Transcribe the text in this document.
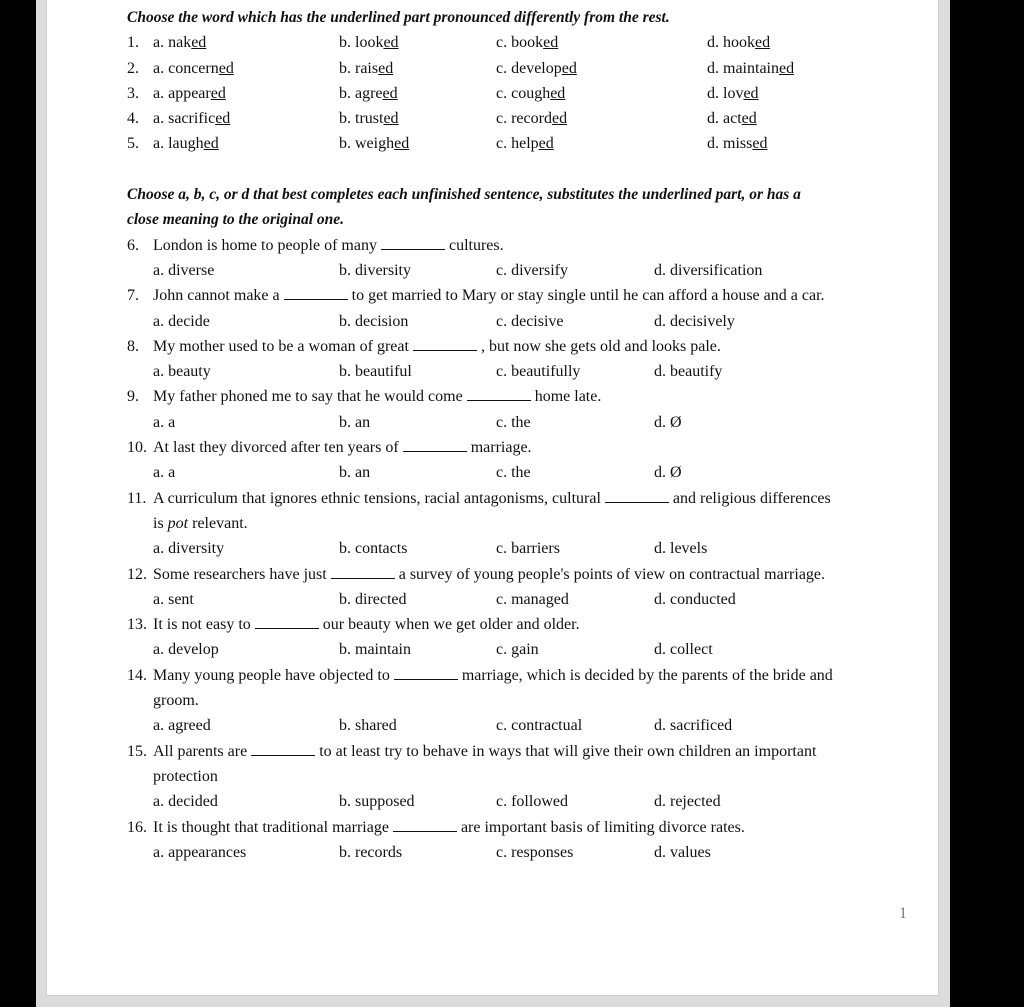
Choose the word which has the underlined part pronounced differently from the rest.
1. a. naked	b. looked	c. booked	d. hooked
2. a. concerned	b. raised	c. developed	d. maintained
3. a. appeared	b. agreed	c. coughed	d. loved
4. a. sacrificed	b. trusted	c. recorded	d. acted
5. a. laughed	b. weighed	c. helped	d. missed
Choose a, b, c, or d that best completes each unfinished sentence, substitutes the underlined part, or has a
close meaning to the original one.
6. London is home to people of many	cultures.
a. diverse	b. diversity	c. diversify	d. diversification
7. John cannot make a	to get married to Mary or stay single until he can afford a house and a car.
a. decide	b. decision	c. decisive	d. decisively
8. My mother used to be a woman of great	, but now she gets old and looks pale.
a. beauty	b. beautiful	c. beautifully	d. beautify
9. My father phoned me to say that he would come	home late.
a. a	b. an	c. the	d. Ø
10. At last they divorced after ten years of	marriage.
a. a	b. an	c. the	d. Ø
11. A curriculum that ignores ethnic tensions, racial antagonisms, cultural	and religious differences
is pot relevant.
a. diversity	b. contacts	c. barriers	d. levels
12. Some researchers have just	a survey of young people's points of view on contractual marriage.
a. sent	b. directed	c. managed	d. conducted
13. It is not easy to	our beauty when we get older and older.
a. develop	b. maintain	c. gain	d. collect
14. Many young people have objected to	marriage, which is decided by the parents of the bride and
groom.
a. agreed	b. shared	c. contractual	d. sacrificed
15. All parents are	to at least try to behave in ways that will give their own children an important
protection
a. decided	b. supposed	c. followed	d. rejected
16. It is thought that traditional marriage	are important basis of limiting divorce rates.
a. appearances	b. records	c. responses	d. values
1
